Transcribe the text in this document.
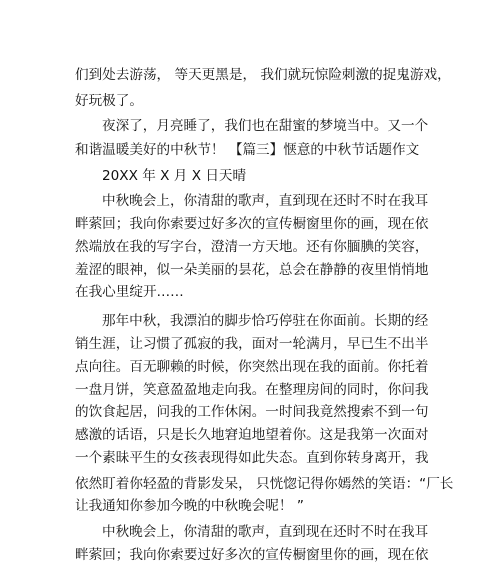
们到处去游荡， 等天更黑是， 我们就玩惊险刺激的捉鬼游戏，
好玩极了。
夜深了，月亮睡了，我们也在甜蜜的梦境当中。又一个
和谐温暖美好的中秋节！ 【篇三】惬意的中秋节话题作文
20XX 年 X 月 X 日天晴
中秋晚会上，你清甜的歌声，直到现在还时不时在我耳
畔萦回；我向你索要过好多次的宣传橱窗里你的画，现在依
然端放在我的写字台，澄清一方天地。还有你腼腆的笑容，
羞涩的眼神，似一朵美丽的昙花，总会在静静的夜里悄悄地
在我心里绽开……
那年中秋，我漂泊的脚步恰巧停驻在你面前。长期的经
销生涯，让习惯了孤寂的我，面对一轮满月，早已生不出半
点向往。百无聊赖的时候，你突然出现在我的面前。你托着
一盘月饼，笑意盈盈地走向我。在整理房间的同时，你问我
的饮食起居，问我的工作休闲。一时间我竟然搜索不到一句
感激的话语，只是长久地窘迫地望着你。这是我第一次面对
一个素昧平生的女孩表现得如此失态。直到你转身离开，我
依然盯着你轻盈的背影发呆， 只恍惚记得你嫣然的笑语：“厂长
让我通知你参加今晚的中秋晚会呢！ ”
中秋晚会上，你清甜的歌声，直到现在还时不时在我耳
畔萦回；我向你索要过好多次的宣传橱窗里你的画，现在依
